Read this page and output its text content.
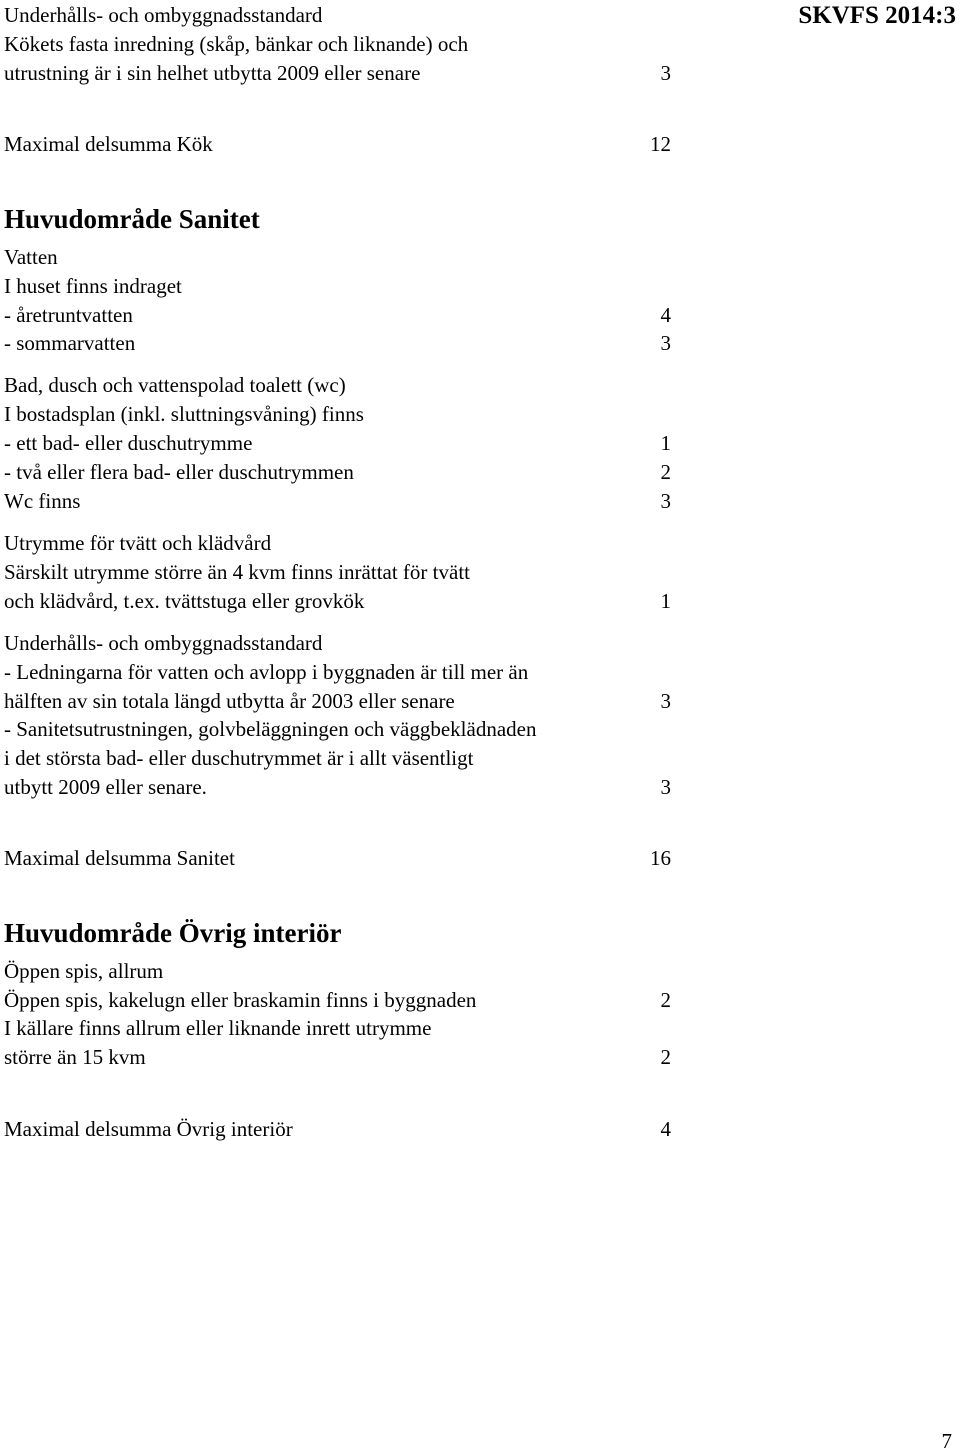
SKVFS 2014:3
Underhålls- och ombyggnadsstandard
Kökets fasta inredning (skåp, bänkar och liknande) och
utrustning är i sin helhet utbytta 2009 eller senare	3
Maximal delsumma Kök	12
Huvudområde Sanitet
Vatten
I huset finns indraget
- åretruntvatten	4
- sommarvatten	3
Bad, dusch och vattenspolad toalett (wc)
I bostadsplan (inkl. sluttningsvåning) finns
- ett bad- eller duschutrymme	1
- två eller flera bad- eller duschutrymmen	2
Wc finns	3
Utrymme för tvätt och klädvård
Särskilt utrymme större än 4 kvm finns inrättat för tvätt
och klädvård, t.ex. tvättstuga eller grovkök	1
Underhålls- och ombyggnadsstandard
- Ledningarna för vatten och avlopp i byggnaden är till mer än
hälften av sin totala längd utbytta år 2003 eller senare	3
- Sanitetsutrustningen, golvbeläggningen och väggbeklädnaden
i det största bad- eller duschutrymmet är i allt väsentligt
utbytt 2009 eller senare.	3
Maximal delsumma Sanitet	16
Huvudområde Övrig interiör
Öppen spis, allrum
Öppen spis, kakelugn eller braskamin finns i byggnaden	2
I källare finns allrum eller liknande inrett utrymme
större än 15 kvm	2
Maximal delsumma Övrig interiör	4
7
